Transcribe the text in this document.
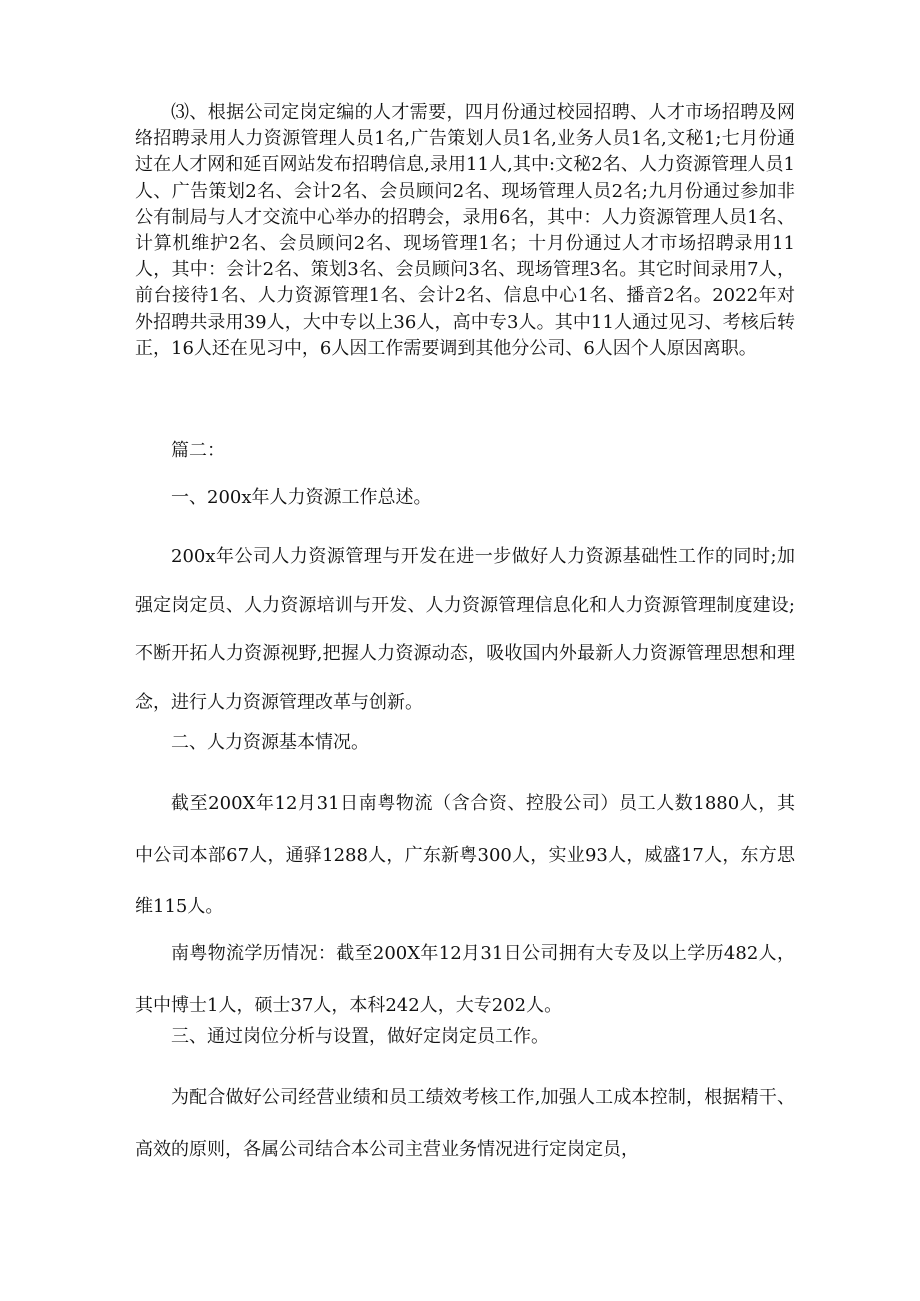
⑶、根据公司定岗定编的人才需要，四月份通过校园招聘、人才市场招聘及网络招聘录用人力资源管理人员1名,广告策划人员1名,业务人员1名,文秘1;七月份通过在人才网和延百网站发布招聘信息,录用11人,其中:文秘2名、人力资源管理人员1人、广告策划2名、会计2名、会员顾问2名、现场管理人员2名;九月份通过参加非公有制局与人才交流中心举办的招聘会，录用6名，其中：人力资源管理人员1名、计算机维护2名、会员顾问2名、现场管理1名；十月份通过人才市场招聘录用11人，其中：会计2名、策划3名、会员顾问3名、现场管理3名。其它时间录用7人，前台接待1名、人力资源管理1名、会计2名、信息中心1名、播音2名。2022年对外招聘共录用39人，大中专以上36人，高中专3人。其中11人通过见习、考核后转正，16人还在见习中，6人因工作需要调到其他分公司、6人因个人原因离职。

篇二：

一、200x年人力资源工作总述。

200x年公司人力资源管理与开发在进一步做好人力资源基础性工作的同时;加强定岗定员、人力资源培训与开发、人力资源管理信息化和人力资源管理制度建设;不断开拓人力资源视野,把握人力资源动态，吸收国内外最新人力资源管理思想和理念，进行人力资源管理改革与创新。

二、人力资源基本情况。

截至200X年12月31日南粤物流（含合资、控股公司）员工人数1880人，其中公司本部67人，通驿1288人，广东新粤300人，实业93人，威盛17人，东方思维115人。

南粤物流学历情况：截至200X年12月31日公司拥有大专及以上学历482人，其中博士1人，硕士37人，本科242人，大专202人。

三、通过岗位分析与设置，做好定岗定员工作。

为配合做好公司经营业绩和员工绩效考核工作,加强人工成本控制，根据精干、高效的原则，各属公司结合本公司主营业务情况进行定岗定员，
